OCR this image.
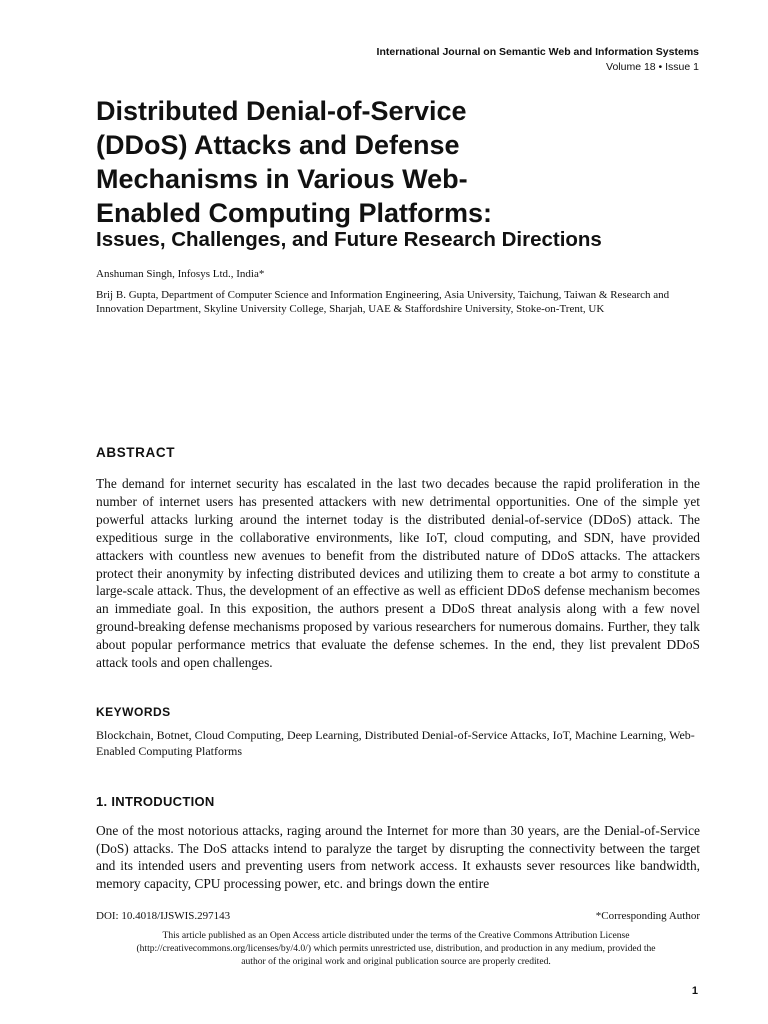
International Journal on Semantic Web and Information Systems
Volume 18 • Issue 1
Distributed Denial-of-Service (DDoS) Attacks and Defense Mechanisms in Various Web-Enabled Computing Platforms:
Issues, Challenges, and Future Research Directions
Anshuman Singh, Infosys Ltd., India*
Brij B. Gupta, Department of Computer Science and Information Engineering, Asia University, Taichung, Taiwan & Research and Innovation Department, Skyline University College, Sharjah, UAE & Staffordshire University, Stoke-on-Trent, UK
ABSTRACT

The demand for internet security has escalated in the last two decades because the rapid proliferation in the number of internet users has presented attackers with new detrimental opportunities. One of the simple yet powerful attacks lurking around the internet today is the distributed denial-of-service (DDoS) attack. The expeditious surge in the collaborative environments, like IoT, cloud computing, and SDN, have provided attackers with countless new avenues to benefit from the distributed nature of DDoS attacks. The attackers protect their anonymity by infecting distributed devices and utilizing them to create a bot army to constitute a large-scale attack. Thus, the development of an effective as well as efficient DDoS defense mechanism becomes an immediate goal. In this exposition, the authors present a DDoS threat analysis along with a few novel ground-breaking defense mechanisms proposed by various researchers for numerous domains. Further, they talk about popular performance metrics that evaluate the defense schemes. In the end, they list prevalent DDoS attack tools and open challenges.

KEYWORDS

Blockchain, Botnet, Cloud Computing, Deep Learning, Distributed Denial-of-Service Attacks, IoT, Machine Learning, Web-Enabled Computing Platforms

1. INTRODUCTION

One of the most notorious attacks, raging around the Internet for more than 30 years, are the Denial-of-Service (DoS) attacks. The DoS attacks intend to paralyze the target by disrupting the connectivity between the target and its intended users and preventing users from network access. It exhausts sever resources like bandwidth, memory capacity, CPU processing power, etc. and brings down the entire

DOI: 10.4018/IJSWIS.297143	*Corresponding Author
This article published as an Open Access article distributed under the terms of the Creative Commons Attribution License (http://creativecommons.org/licenses/by/4.0/) which permits unrestricted use, distribution, and production in any medium, provided the author of the original work and original publication source are properly credited.
1
